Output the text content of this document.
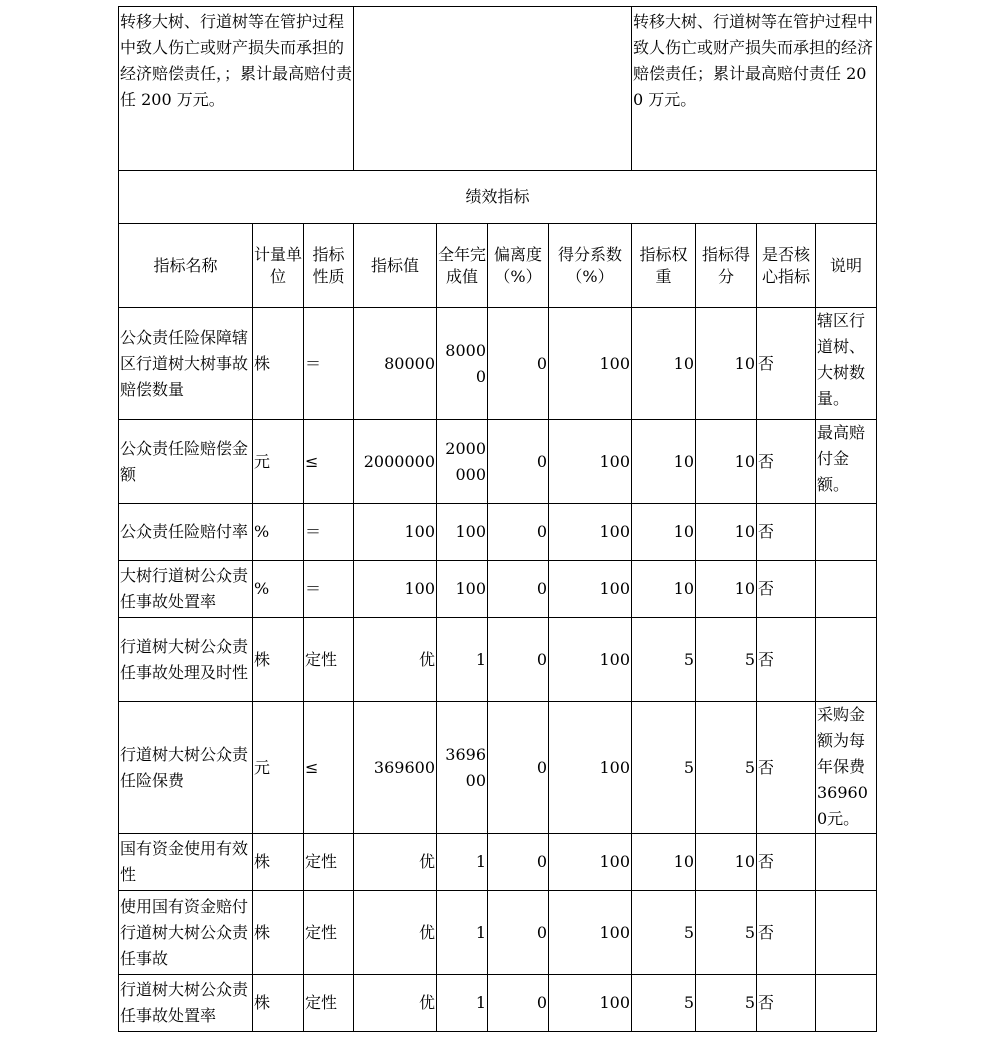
转移大树、行道树等在管护过程中致人伤亡或财产损失而承担的经济赔偿责任，；累计最高赔付责任 200 万元。							转移大树、行道树等在管护过程中致人伤亡或财产损失而承担的经济赔偿责任；累计最高赔付责任 200 万元。			
绩效指标										
指标名称	计量单位	指标性质	指标值	全年完成值	偏离度（%）	得分系数（%）	指标权重	指标得分	是否核心指标	说明
公众责任险保障辖区行道树大树事故赔偿数量	株	＝	80000	80000	0	100	10	10	否	辖区行道树、大树数量。
公众责任险赔偿金额	元	≤	2000000	2000000	0	100	10	10	否	最高赔付金额。
公众责任险赔付率	%	＝	100	100	0	100	10	10	否	
大树行道树公众责任事故处置率	%	＝	100	100	0	100	10	10	否	
行道树大树公众责任事故处理及时性	株	定性	优	1	0	100	5	5	否	
行道树大树公众责任险保费	元	≤	369600	369600	0	100	5	5	否	采购金额为每年保费369600元。
国有资金使用有效性	株	定性	优	1	0	100	10	10	否	
使用国有资金赔付行道树大树公众责任事故	株	定性	优	1	0	100	5	5	否	
行道树大树公众责任事故处置率	株	定性	优	1	0	100	5	5	否	
